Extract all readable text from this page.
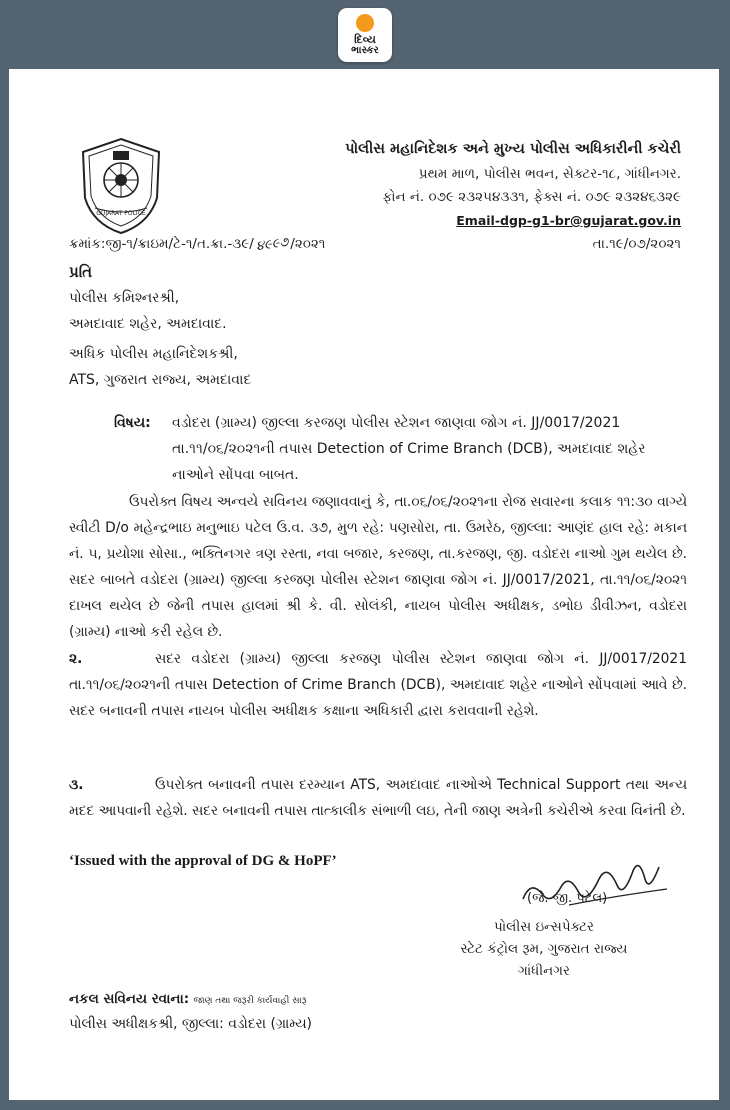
દિવ્ય
ભાસ્કર
GUJARAT POLICE
પોલીસ મહાનિદેશક અને મુખ્ય પોલીસ અધિકારીની કચેરી
પ્રથમ માળ, પોલીસ ભવન, સેક્ટર-૧૮, ગાંધીનગર.
ફોન નં. ૦૭૯ ૨૩૨૫૪૩૩૧, ફેક્સ નં. ૦૭૯ ૨૩૨૪૬૩૨૯
Email-dgp-g1-br@gujarat.gov.in
ક્રમાંક:જી-૧/ક્રાઇમ/ટે-૧/ત.ક્રા.-૩૯/૪૯૯૭/૨૦૨૧	તા.૧૯/૦૭/૨૦૨૧
પ્રતિ
પોલીસ કમિશ્નરશ્રી,
અમદાવાદ શહેર, અમદાવાદ.
અધિક પોલીસ મહાનિદેશકશ્રી,
ATS, ગુજરાત રાજ્ય, અમદાવાદ
વિષય: વડોદરા (ગ્રામ્ય) જીલ્લા કરજણ પોલીસ સ્ટેશન જાણવા જોગ નં. JJ/0017/2021 તા.૧૧/૦૬/૨૦૨૧ની તપાસ Detection of Crime Branch (DCB), અમદાવાદ શહેર નાઓને સોંપવા બાબત.

ઉપરોક્ત વિષય અન્વયે સવિનય જણાવવાનું કે, તા.૦૬/૦૬/૨૦૨૧ના રોજ સવારના કલાક ૧૧:૩૦ વાગ્યે સ્વીટી D/o મહેન્દ્રભાઇ મનુભાઇ પટેલ ઉ.વ. ૩૭, મુળ રહે: પણસોરા, તા. ઉમરેઠ, જીલ્લા: આણંદ હાલ રહે: મકાન નં. ૫, પ્રયોશા સોસા., ભક્તિનગર ત્રણ રસ્તા, નવા બજાર, કરજણ, તા.કરજણ, જી. વડોદરા નાઓ ગુમ થયેલ છે. સદર બાબતે વડોદરા (ગ્રામ્ય) જીલ્લા કરજણ પોલીસ સ્ટેશન જાણવા જોગ નં. JJ/0017/2021, તા.૧૧/૦૬/૨૦૨૧ દાખલ થયેલ છે જેની તપાસ હાલમાં શ્રી કે. વી. સોલંકી, નાયબ પોલીસ અધીક્ષક, ડભોઇ ડીવીઝન, વડોદરા (ગ્રામ્ય) નાઓ કરી રહેલ છે.

૨.	સદર વડોદરા (ગ્રામ્ય) જીલ્લા કરજણ પોલીસ સ્ટેશન જાણવા જોગ નં. JJ/0017/2021 તા.૧૧/૦૬/૨૦૨૧ની તપાસ Detection of Crime Branch (DCB), અમદાવાદ શહેર નાઓને સોંપવામાં આવે છે. સદર બનાવની તપાસ નાયબ પોલીસ અધીક્ષક કક્ષાના અધિકારી દ્વારા કરાવવાની રહેશે.

૩.	ઉપરોક્ત બનાવની તપાસ દરમ્યાન ATS, અમદાવાદ નાઓએ Technical Support તથા અન્ય મદદ આપવાની રહેશે. સદર બનાવની તપાસ તાત્કાલીક સંભાળી લઇ, તેની જાણ અત્રેની કચેરીએ કરવા વિનંતી છે.

‘Issued with the approval of DG & HoPF’
(જે. જી. પટેલ)
પોલીસ ઇન્સપેક્ટર
સ્ટેટ કંટ્રોલ રૂમ, ગુજરાત રાજ્ય
ગાંધીનગર
નકલ સવિનય રવાના: જાણ તથા જરૂરી કાર્યવાહી સારૂ
પોલીસ અધીક્ષકશ્રી, જીલ્લા: વડોદરા (ગ્રામ્ય)
